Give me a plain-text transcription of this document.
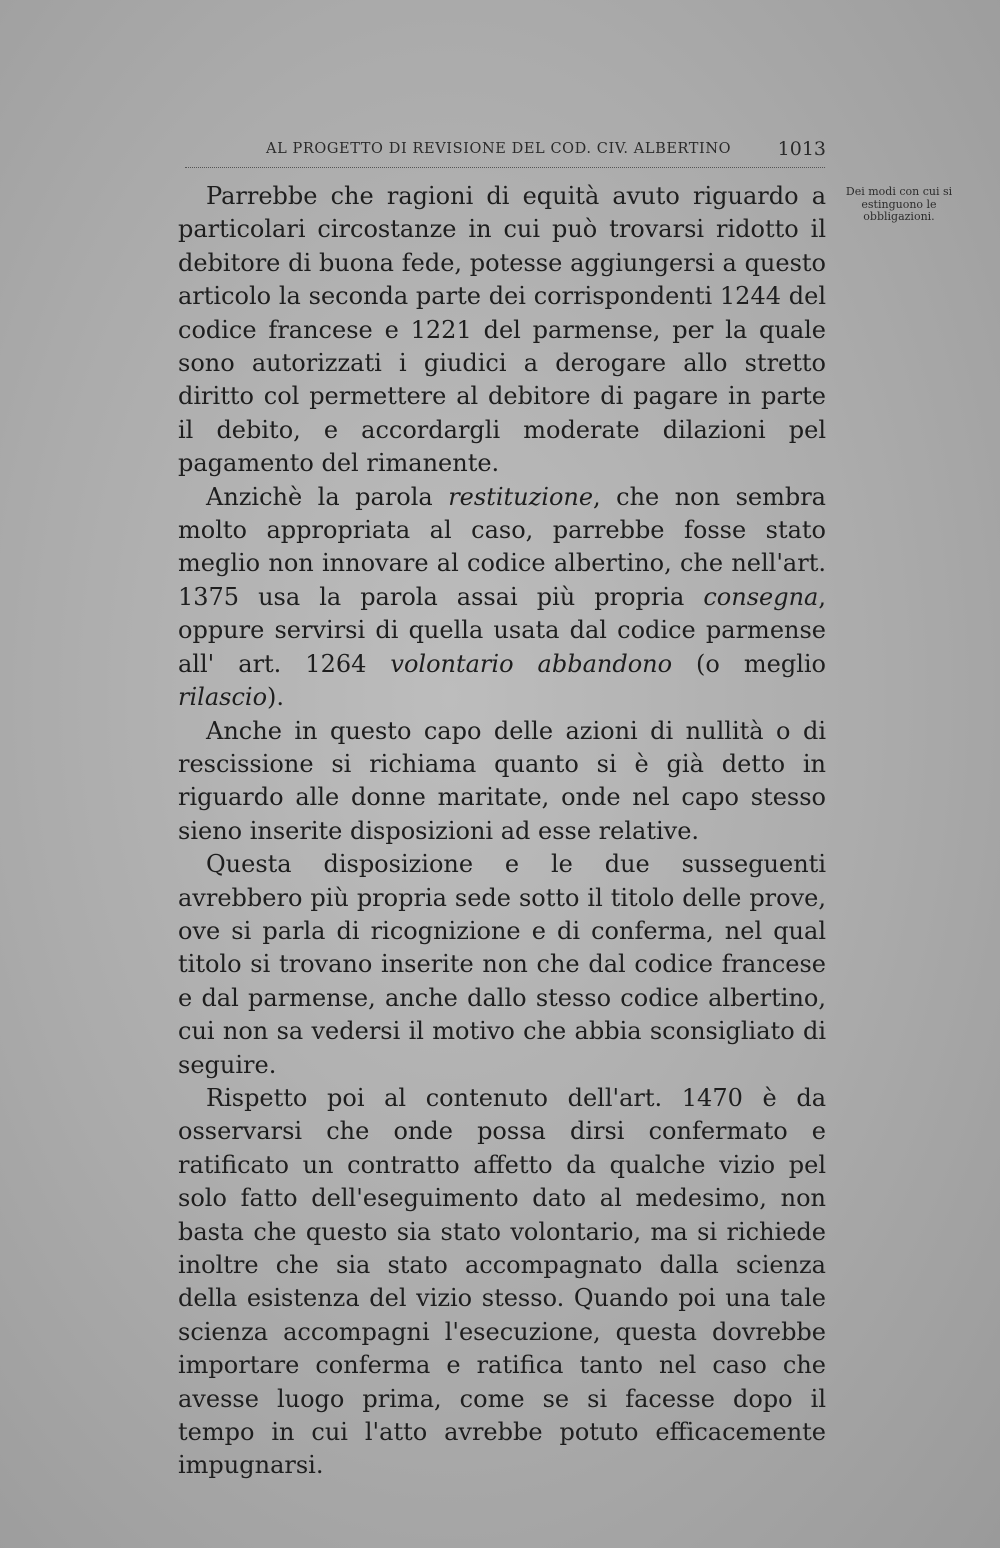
AL PROGETTO DI REVISIONE DEL COD. CIV. ALBERTINO 1013
Dei modi con cui si estinguono le obbligazioni.

Parrebbe che ragioni di equità avuto riguardo a particolari circostanze in cui può trovarsi ridotto il debitore di buona fede, potesse aggiungersi a questo articolo la seconda parte dei corrispondenti 1244 del codice francese e 1221 del parmense, per la quale sono autorizzati i giudici a derogare allo stretto diritto col permettere al debitore di pagare in parte il debito, e accordargli moderate dilazioni pel pagamento del rimanente.

Anzichè la parola restituzione, che non sembra molto appropriata al caso, parrebbe fosse stato meglio non innovare al codice albertino, che nell'art. 1375 usa la parola assai più propria consegna, oppure servirsi di quella usata dal codice parmense all' art. 1264 volontario abbandono (o meglio rilascio).

Anche in questo capo delle azioni di nullità o di rescissione si richiama quanto si è già detto in riguardo alle donne maritate, onde nel capo stesso sieno inserite disposizioni ad esse relative.

Questa disposizione e le due susseguenti avrebbero più propria sede sotto il titolo delle prove, ove si parla di ricognizione e di conferma, nel qual titolo si trovano inserite non che dal codice francese e dal parmense, anche dallo stesso codice albertino, cui non sa vedersi il motivo che abbia sconsigliato di seguire.

Rispetto poi al contenuto dell'art. 1470 è da osservarsi che onde possa dirsi confermato e ratificato un contratto affetto da qualche vizio pel solo fatto dell'eseguimento dato al medesimo, non basta che questo sia stato volontario, ma si richiede inoltre che sia stato accompagnato dalla scienza della esistenza del vizio stesso. Quando poi una tale scienza accompagni l'esecuzione, questa dovrebbe importare conferma e ratifica tanto nel caso che avesse luogo prima, come se si facesse dopo il tempo in cui l'atto avrebbe potuto efficacemente impugnarsi.
